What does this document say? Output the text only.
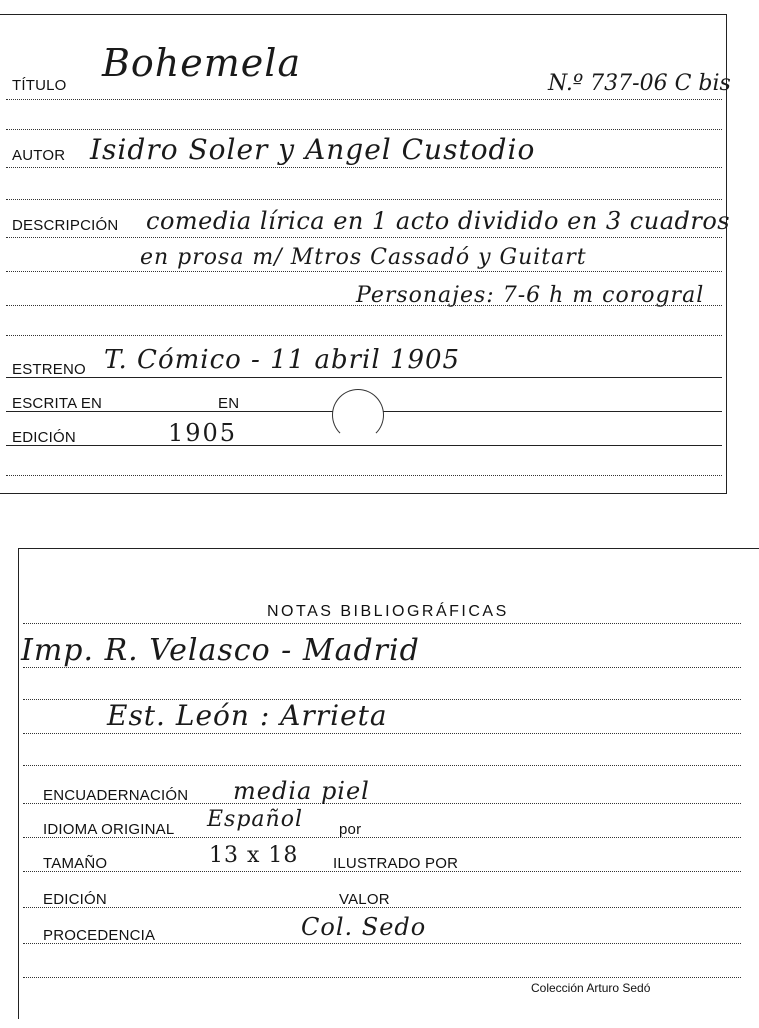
TÍTULO
Bohemela	N.º 737-06 C bis
AUTOR Isidro Soler y Angel Custodio
DESCRIPCIÓN comedia lírica en 1 acto dividido en 3 cuadros
en prosa m/ Mtros Cassadó y Guitart
Personajes: 7-6 h m corogral
ESTRENO T. Cómico - 11 abril 1905
ESCRITA EN	EN
EDICIÓN	1905
NOTAS BIBLIOGRÁFICAS
Imp. R. Velasco - Madrid
Est. León : Arrieta
ENCUADERNACIÓN media piel
IDIOMA ORIGINAL Español por
TAMAÑO	13 x 18 ILUSTRADO POR
EDICIÓN	VALOR
PROCEDENCIA	Col. Sedo
Colección Arturo Sedó
